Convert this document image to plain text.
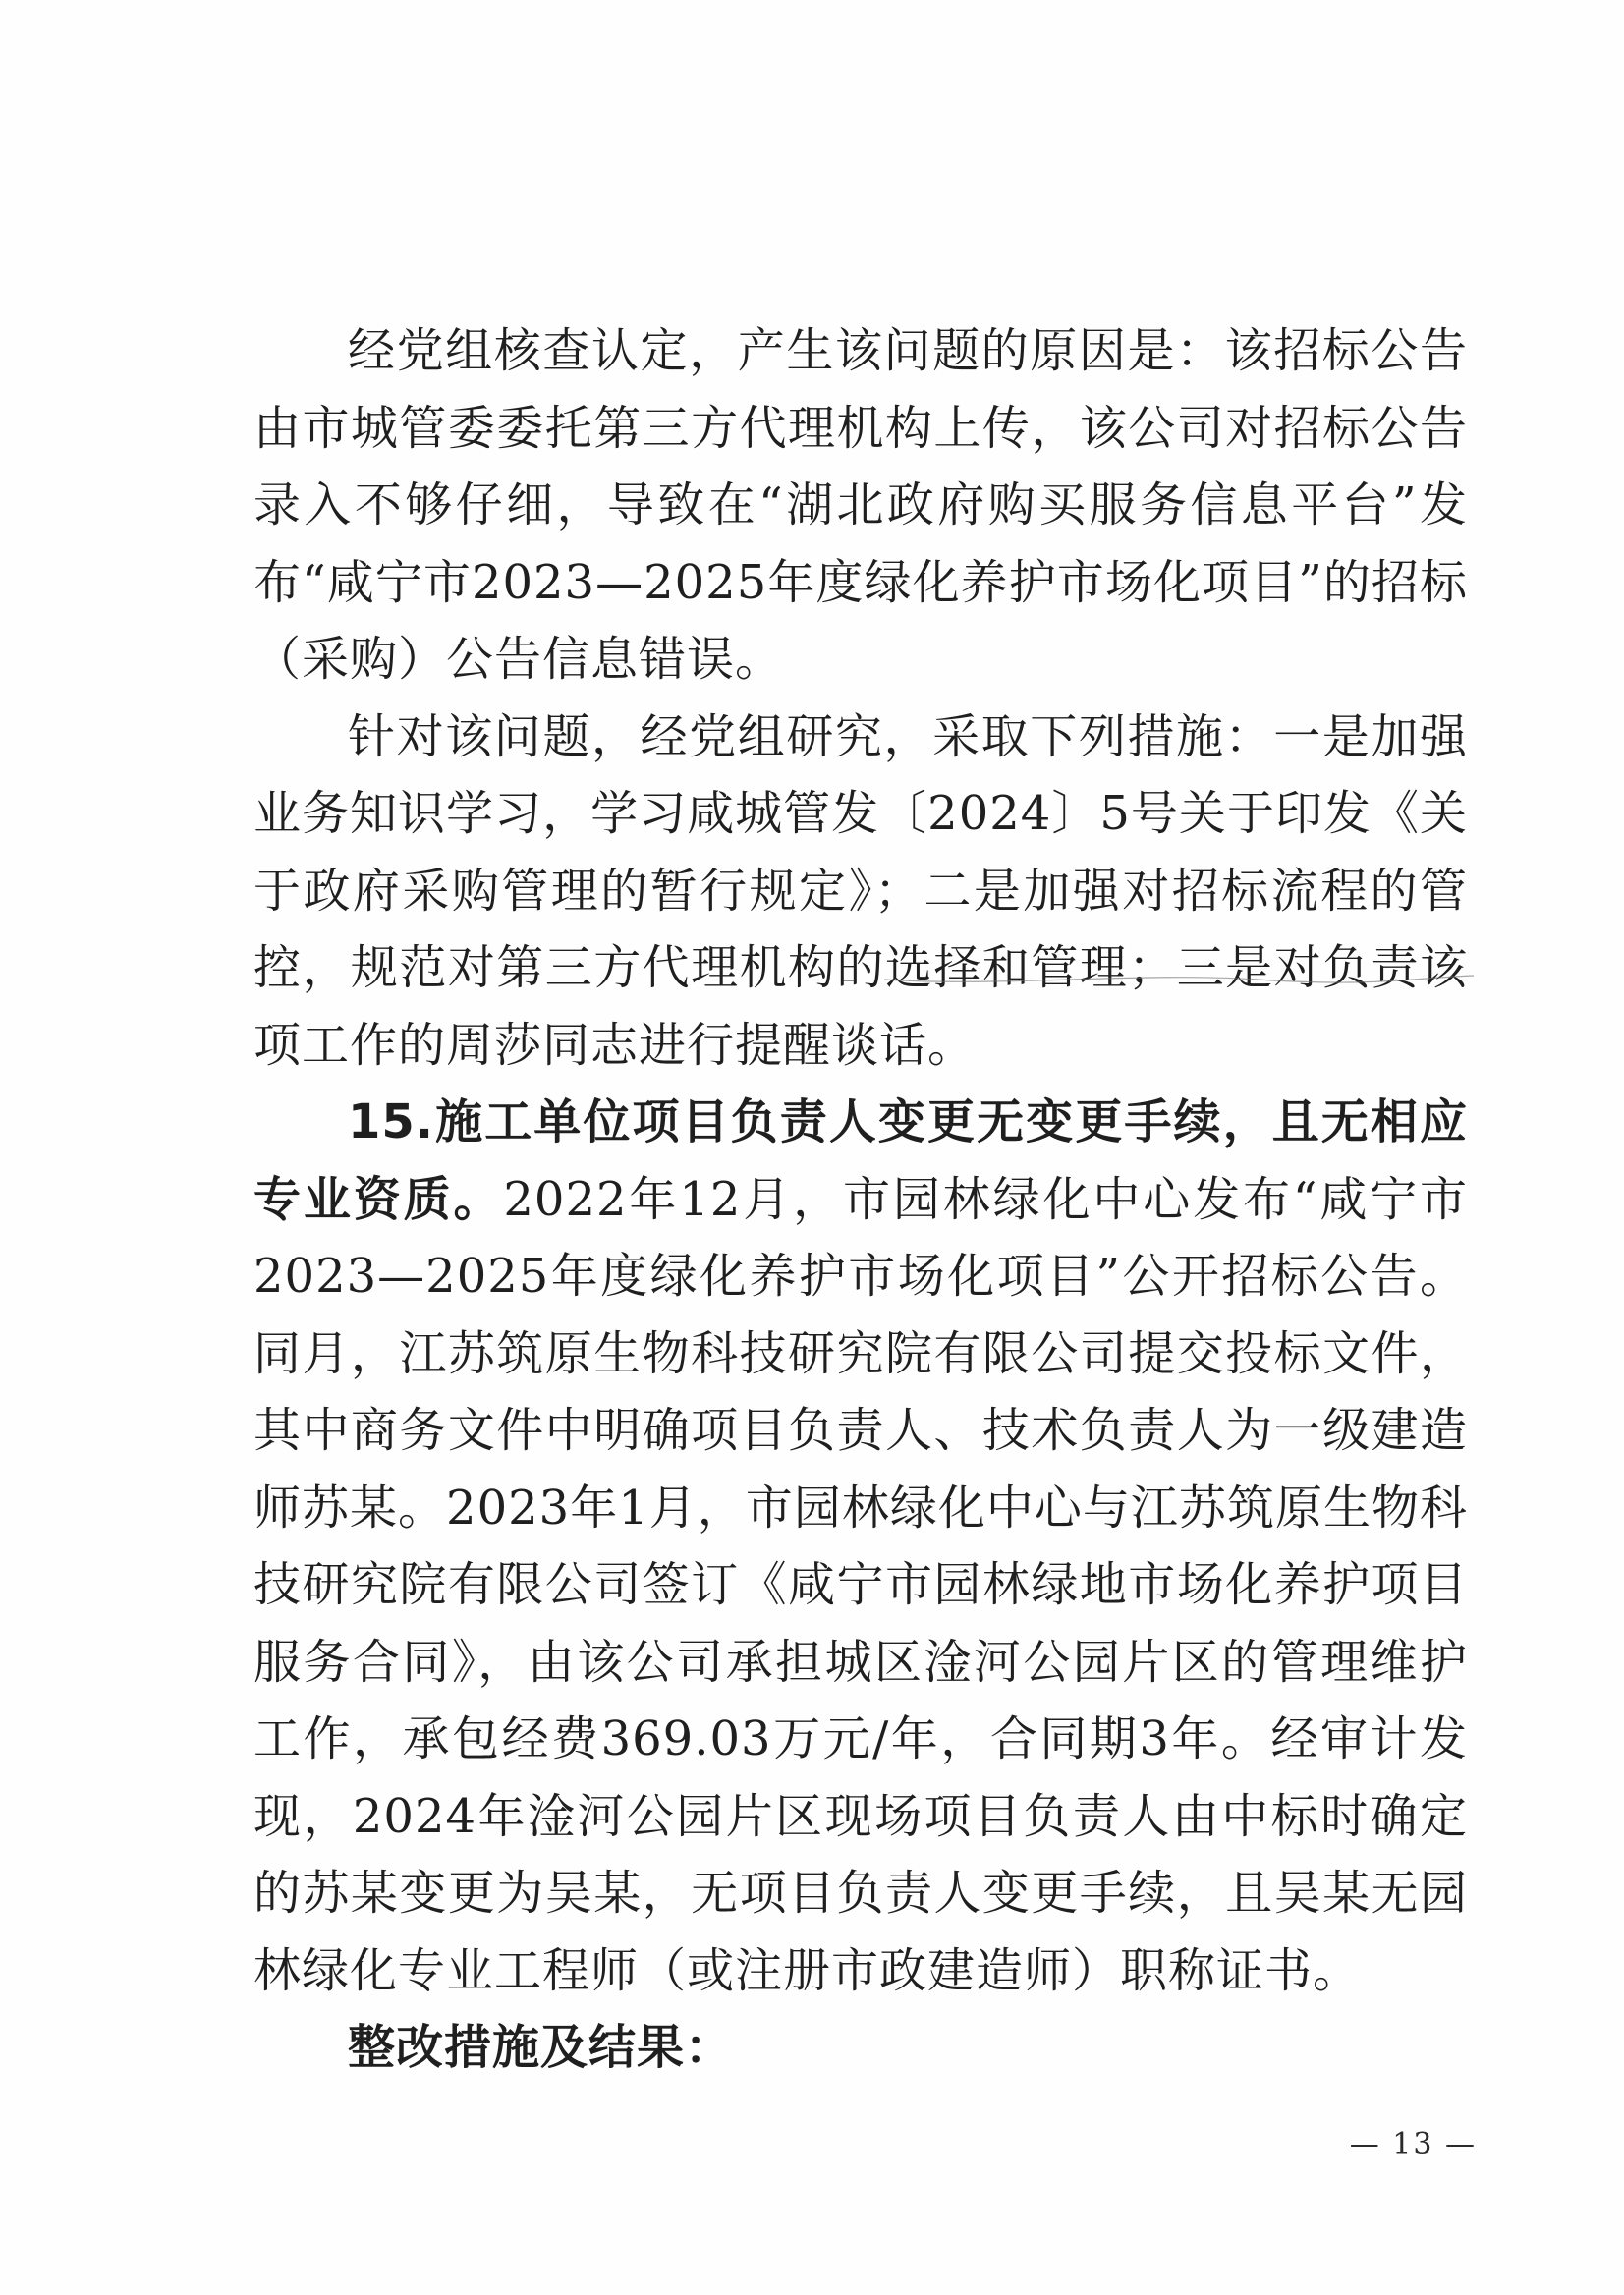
经党组核查认定，产生该问题的原因是：该招标公告由市城管委委托第三方代理机构上传，该公司对招标公告录入不够仔细，导致在“湖北政府购买服务信息平台”发布“咸宁市2023—2025年度绿化养护市场化项目”的招标（采购）公告信息错误。

针对该问题，经党组研究，采取下列措施：一是加强业务知识学习，学习咸城管发〔2024〕5号关于印发《关于政府采购管理的暂行规定》；二是加强对招标流程的管控，规范对第三方代理机构的选择和管理；三是对负责该项工作的周莎同志进行提醒谈话。

15.施工单位项目负责人变更无变更手续，且无相应专业资质。2022年12月，市园林绿化中心发布“咸宁市2023—2025年度绿化养护市场化项目”公开招标公告。同月，江苏筑原生物科技研究院有限公司提交投标文件，其中商务文件中明确项目负责人、技术负责人为一级建造师苏某。2023年1月，市园林绿化中心与江苏筑原生物科技研究院有限公司签订《咸宁市园林绿地市场化养护项目服务合同》，由该公司承担城区淦河公园片区的管理维护工作，承包经费369.03万元/年，合同期3年。经审计发现，2024年淦河公园片区现场项目负责人由中标时确定的苏某变更为吴某，无项目负责人变更手续，且吴某无园林绿化专业工程师（或注册市政建造师）职称证书。

整改措施及结果：

— 13 —
